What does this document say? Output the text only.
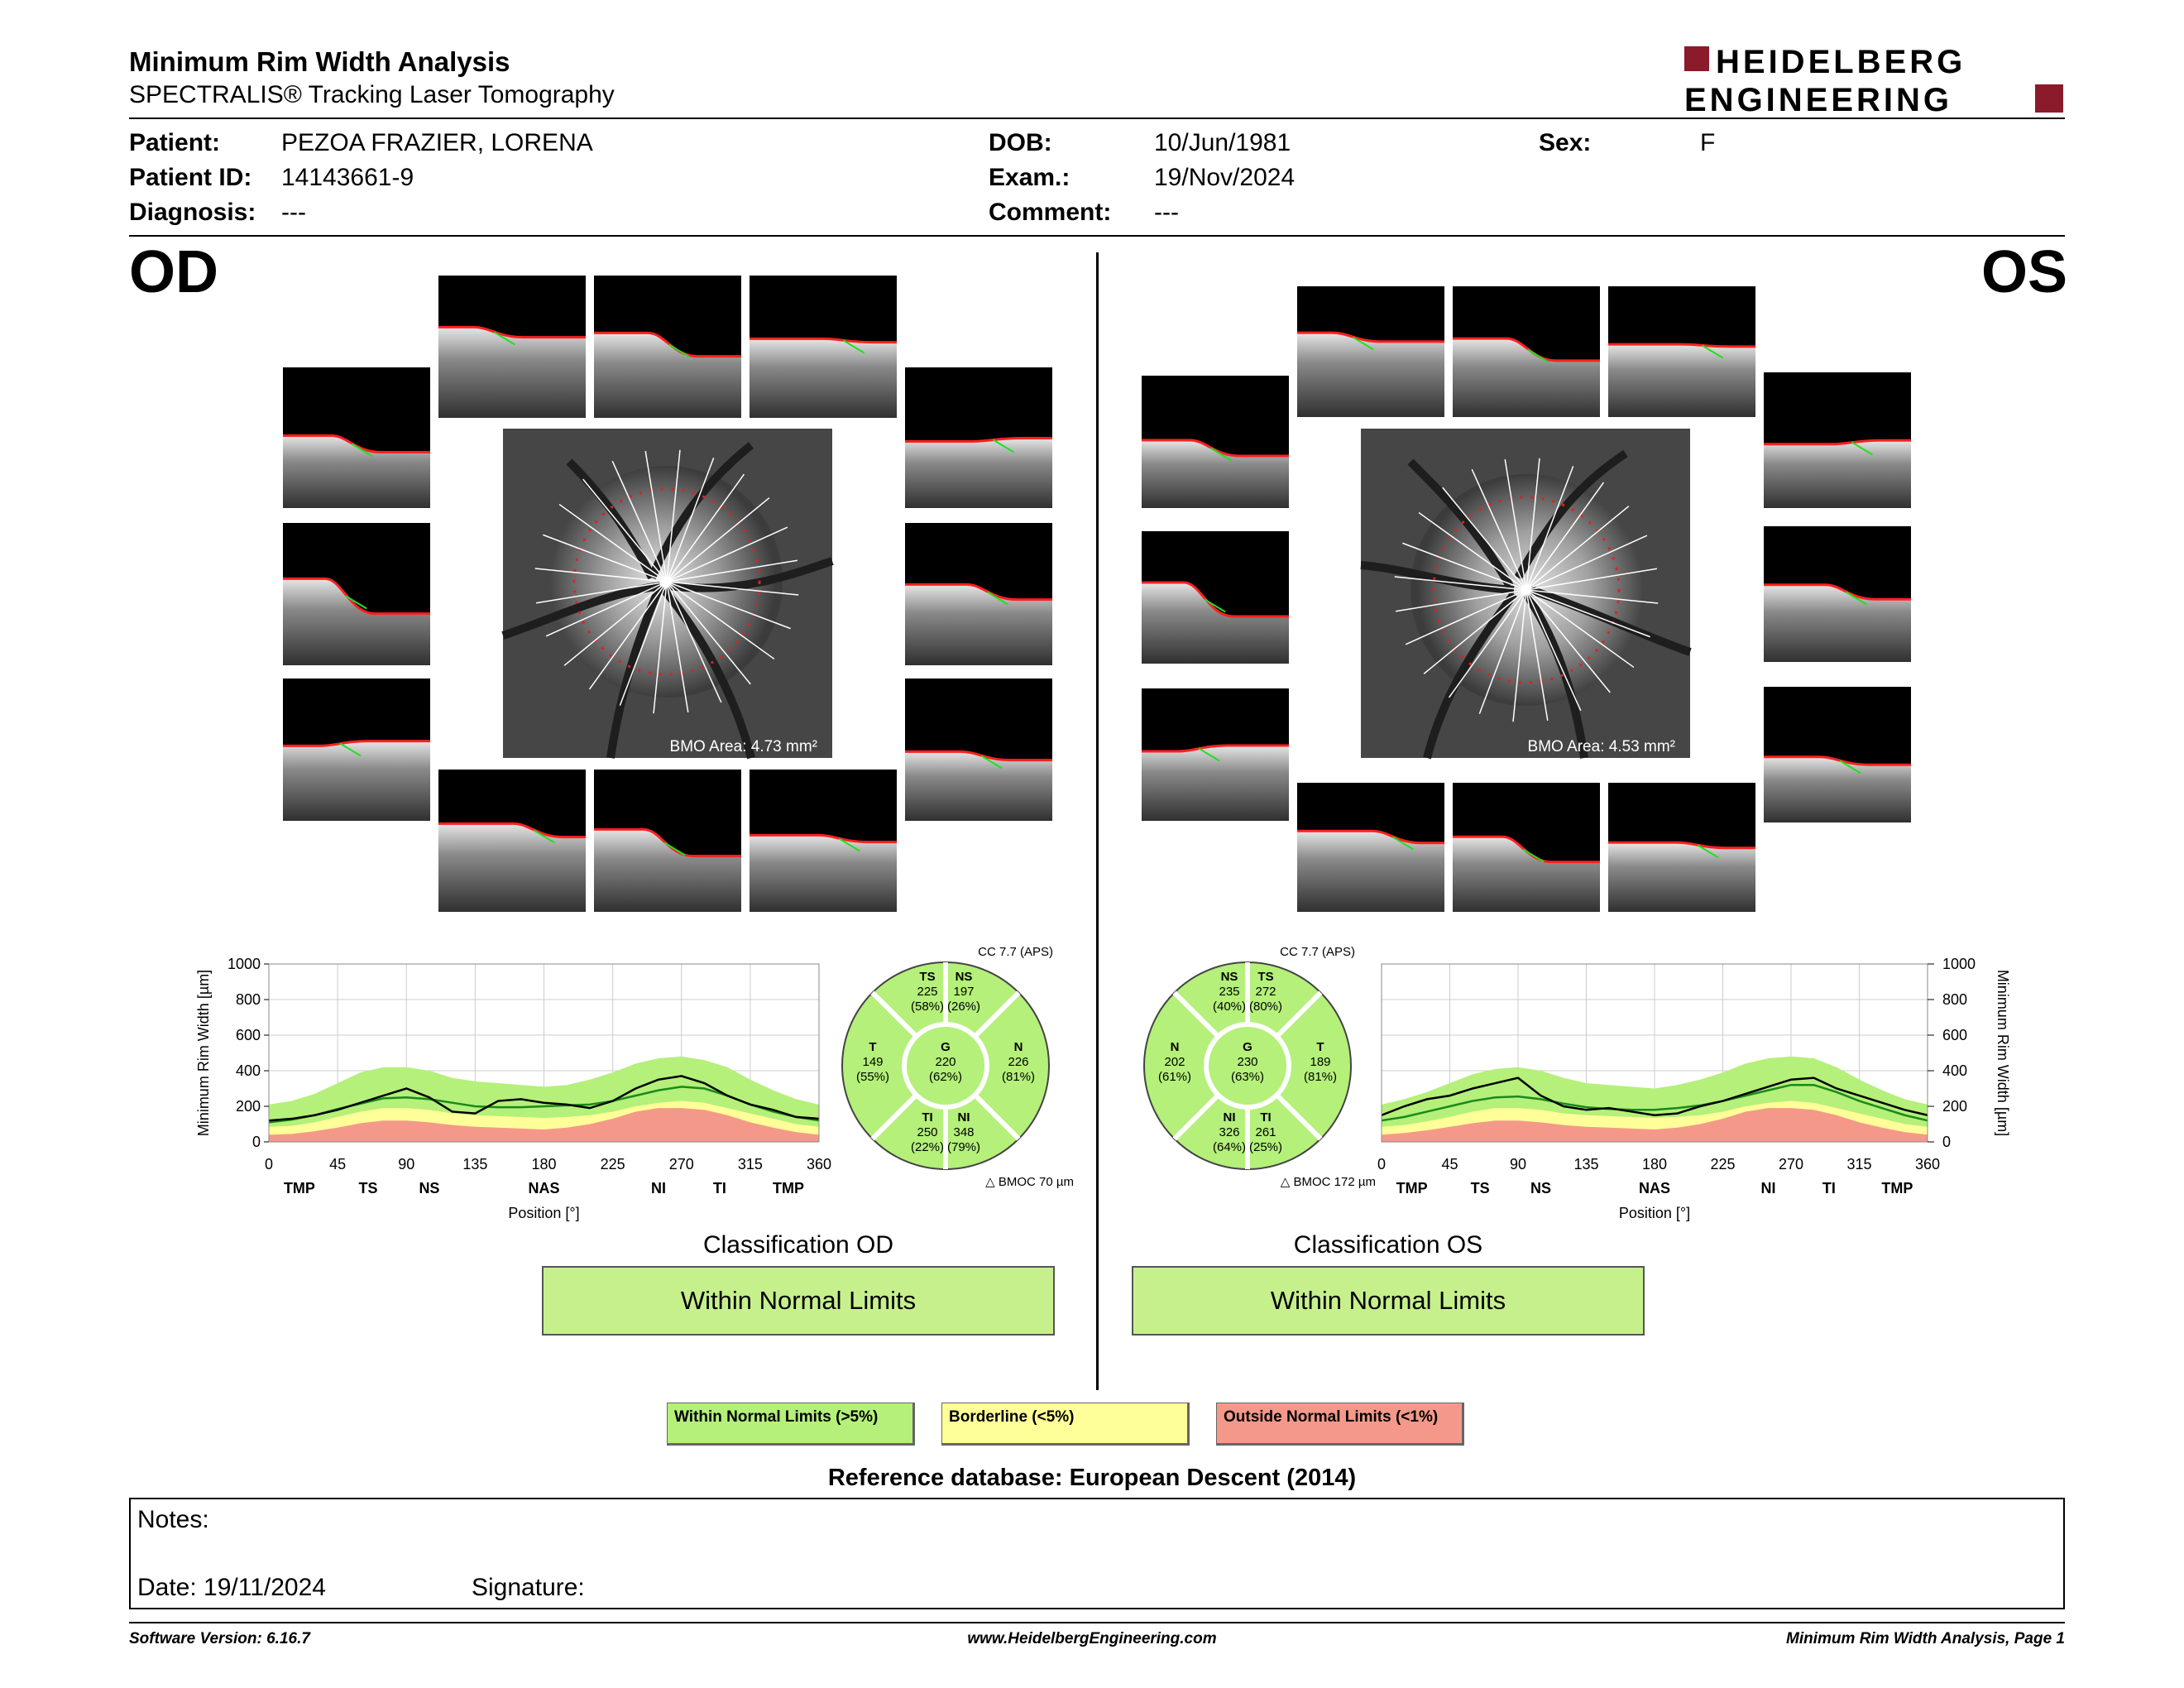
Minimum Rim Width Analysis
SPECTRALIS® Tracking Laser Tomography
HEIDELBERG
ENGINEERING
Patient: PEZOA FRAZIER, LORENA
Patient ID: 14143661-9
Diagnosis: ---
DOB:	10/Jun/1981
Exam.:	19/Nov/2024
Comment: ---
Sex:	F
OD	OS
BMO Area: 4.73 mm²	BMO Area: 4.53 mm²
0
200
400
600
800
1000
0	45	90	135	180	225	270	315	360
TMP	TS	NS	NAS	NI	TI	TMP
Position [°]
Minimum Rim Width [µm]
0
200
400
600
800
1000
0	45	90	135	180	225	270	315	360
TMP	TS	NS	NAS	NI	TI	TMP
Position [°]
Minimum Rim Width [µm]
TS
225
(58%)
NS
197
(26%)
T
149
(55%)
G
220
(62%)
N
226
(81%)
TI
250
(22%)
NI
348
(79%)
CC 7.7 (APS)
△ BMOC 70 µm
NS
235
(40%)
TS
272
(80%)
N
202
(61%)
G
230
(63%)
T
189
(81%)
NI
326
(64%)
TI
261
(25%)
CC 7.7 (APS)
△ BMOC 172 µm
Classification OD
Within Normal Limits
Classification OS
Within Normal Limits
Within Normal Limits (>5%)	Borderline (<5%)	Outside Normal Limits (<1%)
Reference database: European Descent (2014)
Notes:
Date: 19/11/2024	Signature:
Software Version: 6.16.7	www.HeidelbergEngineering.com	Minimum Rim Width Analysis, Page 1
